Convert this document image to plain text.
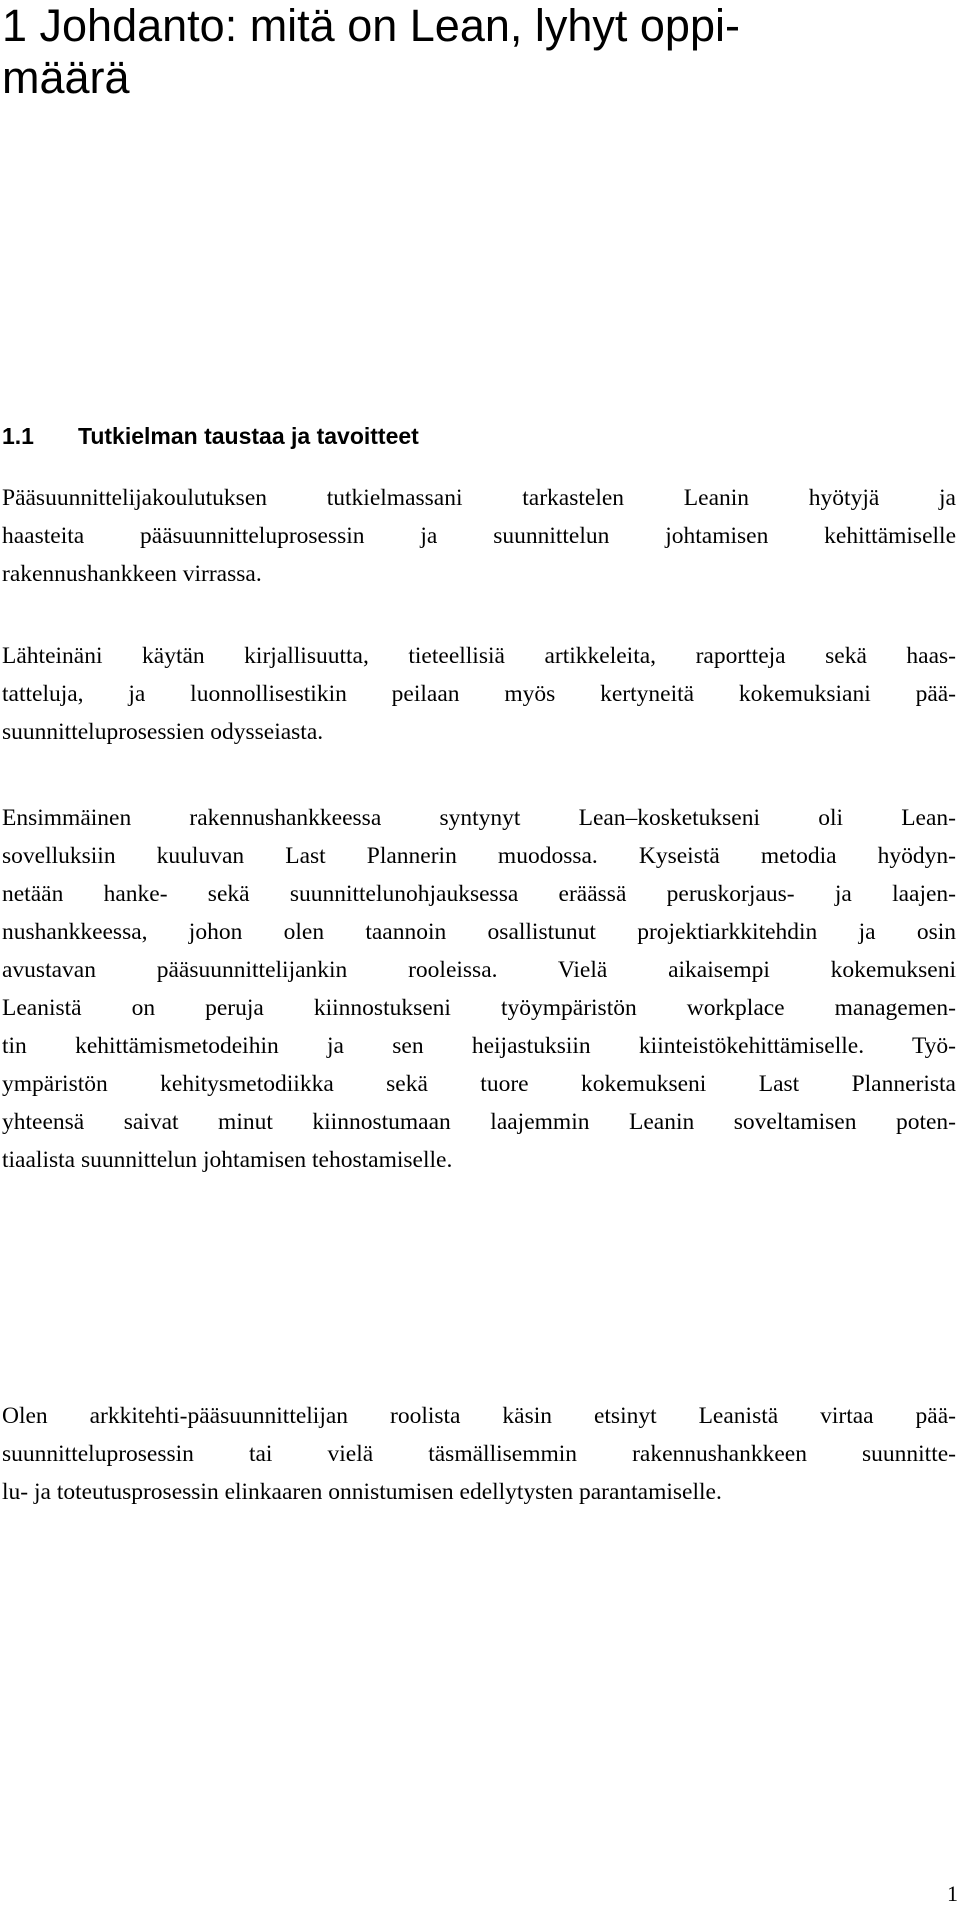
1 Johdanto: mitä on Lean, lyhyt oppi-
määrä
1.1 Tutkielman taustaa ja tavoitteet
Pääsuunnittelijakoulutuksen tutkielmassani tarkastelen Leanin hyötyjä ja
haasteita pääsuunnitteluprosessin ja suunnittelun johtamisen kehittämiselle
rakennushankkeen virrassa.
Lähteinäni käytän kirjallisuutta, tieteellisiä artikkeleita, raportteja sekä haas-
tatteluja, ja luonnollisestikin peilaan myös kertyneitä kokemuksiani pää-
suunnitteluprosessien odysseiasta.
Ensimmäinen rakennushankkeessa syntynyt Lean–kosketukseni oli Lean-
sovelluksiin kuuluvan Last Plannerin muodossa. Kyseistä metodia hyödyn-
netään hanke- sekä suunnittelunohjauksessa eräässä peruskorjaus- ja laajen-
nushankkeessa, johon olen taannoin osallistunut projektiarkkitehdin ja osin
avustavan pääsuunnittelijankin rooleissa. Vielä aikaisempi kokemukseni
Leanistä on peruja kiinnostukseni työympäristön workplace managemen-
tin kehittämismetodeihin ja sen heijastuksiin kiinteistökehittämiselle. Työ-
ympäristön kehitysmetodiikka sekä tuore kokemukseni Last Plannerista
yhteensä saivat minut kiinnostumaan laajemmin Leanin soveltamisen poten-
tiaalista suunnittelun johtamisen tehostamiselle.
Olen arkkitehti-pääsuunnittelijan roolista käsin etsinyt Leanistä virtaa pää-
suunnitteluprosessin tai vielä täsmällisemmin rakennushankkeen suunnitte-
lu- ja toteutusprosessin elinkaaren onnistumisen edellytysten parantamiselle.
1
